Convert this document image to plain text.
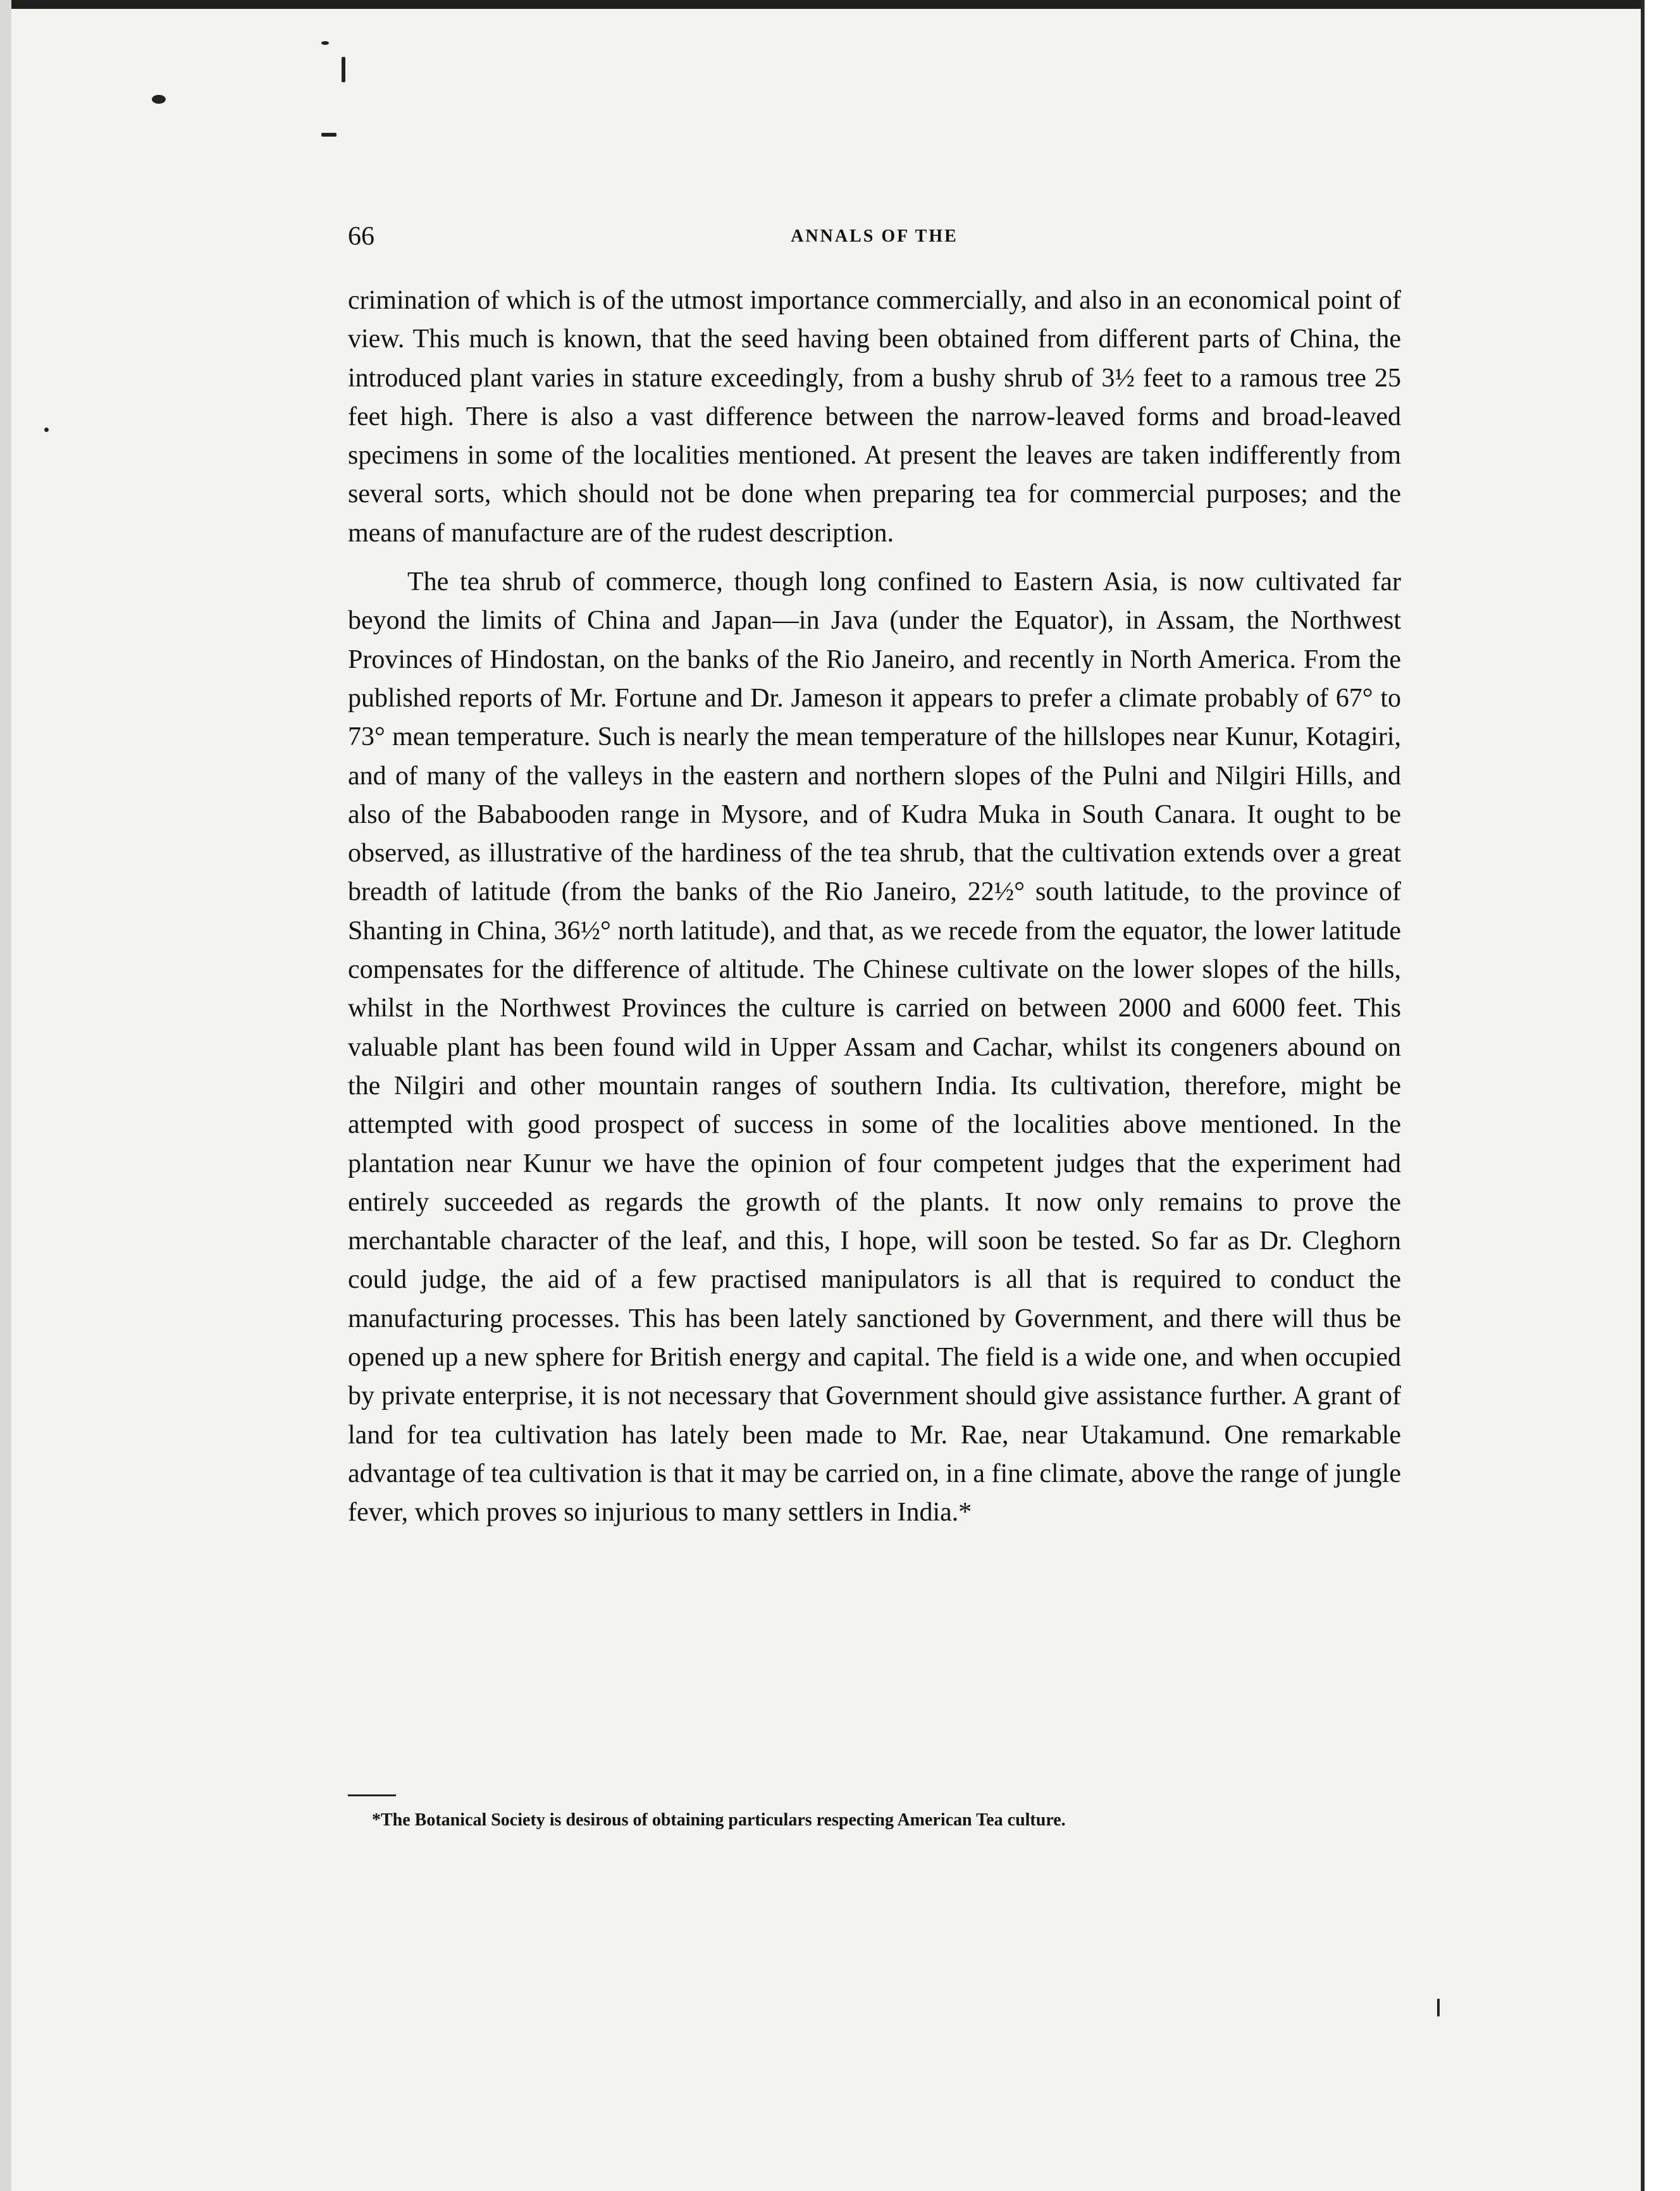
66	ANNALS OF THE

crimination of which is of the utmost importance commercially, and also in an economical point of view. This much is known, that the seed having been obtained from different parts of China, the introduced plant varies in stature exceedingly, from a bushy shrub of 3½ feet to a ramous tree 25 feet high. There is also a vast difference between the narrow-leaved forms and broad-leaved specimens in some of the localities mentioned. At present the leaves are taken indifferently from several sorts, which should not be done when preparing tea for commercial purposes; and the means of manufacture are of the rudest description.

The tea shrub of commerce, though long confined to Eastern Asia, is now cultivated far beyond the limits of China and Japan—in Java (under the Equator), in Assam, the Northwest Provinces of Hindostan, on the banks of the Rio Janeiro, and recently in North America. From the published reports of Mr. Fortune and Dr. Jameson it appears to prefer a climate probably of 67° to 73° mean temperature. Such is nearly the mean temperature of the hillslopes near Kunur, Kotagiri, and of many of the valleys in the eastern and northern slopes of the Pulni and Nilgiri Hills, and also of the Bababooden range in Mysore, and of Kudra Muka in South Canara. It ought to be observed, as illustrative of the hardiness of the tea shrub, that the cultivation extends over a great breadth of latitude (from the banks of the Rio Janeiro, 22½° south latitude, to the province of Shanting in China, 36½° north latitude), and that, as we recede from the equator, the lower latitude compensates for the difference of altitude. The Chinese cultivate on the lower slopes of the hills, whilst in the Northwest Provinces the culture is carried on between 2000 and 6000 feet. This valuable plant has been found wild in Upper Assam and Cachar, whilst its congeners abound on the Nilgiri and other mountain ranges of southern India. Its cultivation, therefore, might be attempted with good prospect of success in some of the localities above mentioned. In the plantation near Kunur we have the opinion of four competent judges that the experiment had entirely succeeded as regards the growth of the plants. It now only remains to prove the merchantable character of the leaf, and this, I hope, will soon be tested. So far as Dr. Cleghorn could judge, the aid of a few practised manipulators is all that is required to conduct the manufacturing processes. This has been lately sanctioned by Government, and there will thus be opened up a new sphere for British energy and capital. The field is a wide one, and when occupied by private enterprise, it is not necessary that Government should give assistance further. A grant of land for tea cultivation has lately been made to Mr. Rae, near Utakamund. One remarkable advantage of tea cultivation is that it may be carried on, in a fine climate, above the range of jungle fever, which proves so injurious to many settlers in India.*

*The Botanical Society is desirous of obtaining particulars respecting American Tea culture.
